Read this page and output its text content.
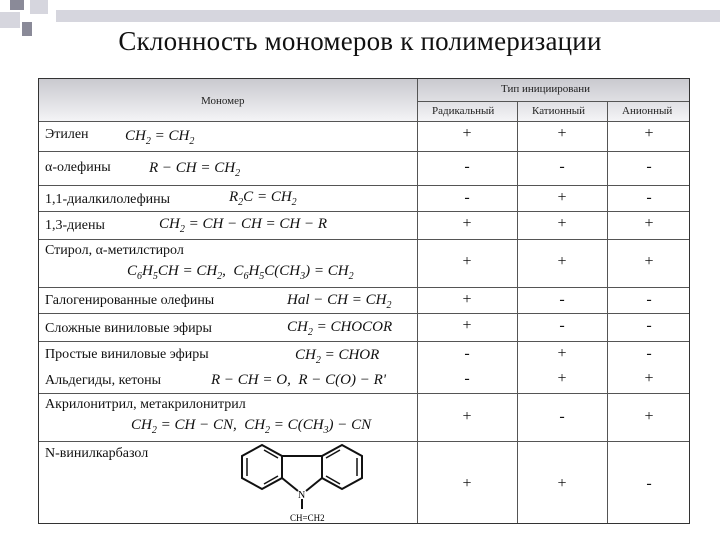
Склонность мономеров к полимеризации
Мономер
Тип инициировани
Радикальный	Катионный	Анионный
Этилен
α-олефины
1,1-диалкилолефины
1,3-диены
Стирол, α-метилстирол
Галогенированные олефины
Сложные виниловые эфиры
Простые виниловые эфиры
Альдегиды, кетоны
Акрилонитрил, метакрилонитрил
N-винилкарбазол
$CH_2 = CH_2$
R − CH = $CH_2$
$R_2C = CH_2$
$CH_2$ = CH − CH = CH − R
$C_6H_5CH = CH_2$, $C_6H_5C(CH_3) = CH_2$
Hal − CH = $CH_2$
$CH_2$ = CHOCOR
$CH_2$ = CHOR
R − CH = O, R − C(O) − R'
$CH_2$ = CH − CN, $CH_2 = C(CH_3)$ − CN
N
CH=CH2
+
-
-
+
+
+
+
-
-
+
+
+
-
+
+
+
-
-
+
+
-
+
+
-
-
+
+
-
-
-
+
+
-
